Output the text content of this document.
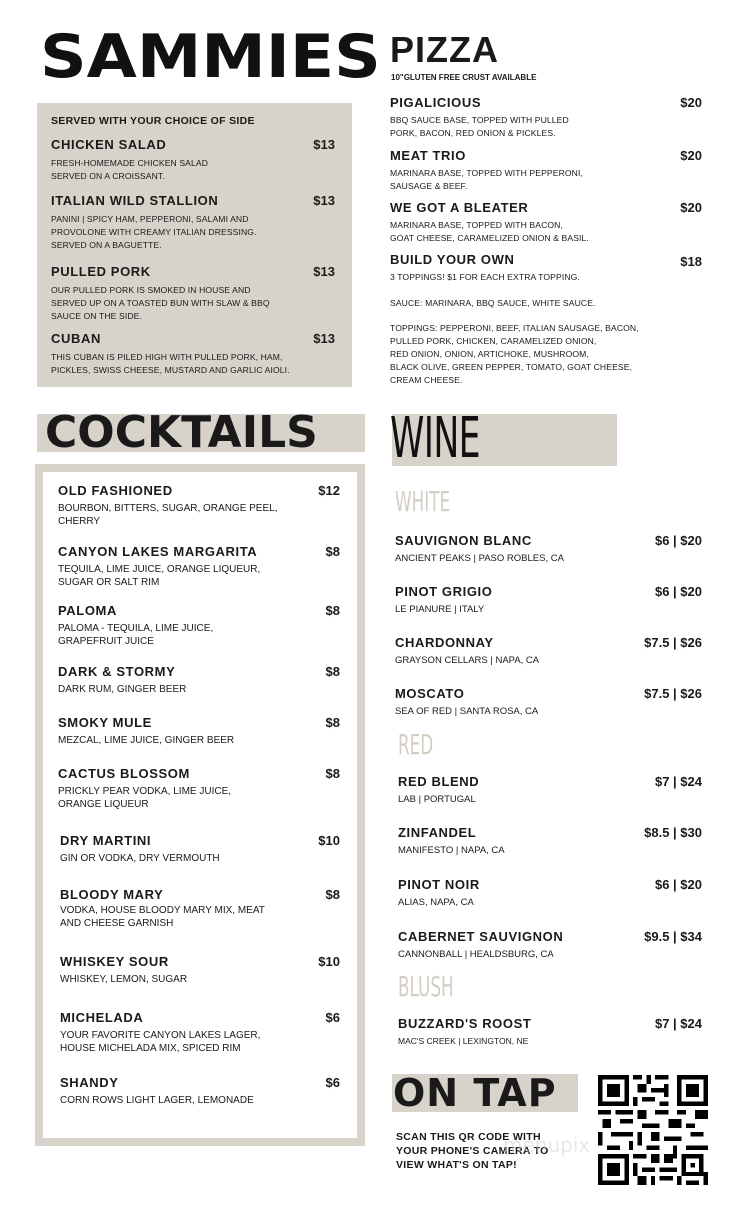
SAMMIES
SERVED WITH YOUR CHOICE OF SIDE
CHICKEN SALAD	$13
FRESH-HOMEMADE CHICKEN SALAD
SERVED ON A CROISSANT.
ITALIAN WILD STALLION	$13
PANINI | SPICY HAM, PEPPERONI, SALAMI AND
PROVOLONE WITH CREAMY ITALIAN DRESSING.
SERVED ON A BAGUETTE.
PULLED PORK	$13
OUR PULLED PORK IS SMOKED IN HOUSE AND
SERVED UP ON A TOASTED BUN WITH SLAW & BBQ
SAUCE ON THE SIDE.
CUBAN	$13
THIS CUBAN IS PILED HIGH WITH PULLED PORK, HAM,
PICKLES, SWISS CHEESE, MUSTARD AND GARLIC AIOLI.
PIZZA
10"GLUTEN FREE CRUST AVAILABLE
PIGALICIOUS	$20
BBQ SAUCE BASE, TOPPED WITH PULLED
PORK, BACON, RED ONION & PICKLES.
MEAT TRIO	$20
MARINARA BASE, TOPPED WITH PEPPERONI,
SAUSAGE & BEEF.
WE GOT A BLEATER	$20
MARINARA BASE, TOPPED WITH BACON,
GOAT CHEESE, CARAMELIZED ONION & BASIL.
BUILD YOUR OWN	$18
3 TOPPINGS! $1 FOR EACH EXTRA TOPPING.
SAUCE: MARINARA, BBQ SAUCE, WHITE SAUCE.
TOPPINGS: PEPPERONI, BEEF, ITALIAN SAUSAGE, BACON,
PULLED PORK, CHICKEN, CARAMELIZED ONION,
RED ONION, ONION, ARTICHOKE, MUSHROOM,
BLACK OLIVE, GREEN PEPPER, TOMATO, GOAT CHEESE,
CREAM CHEESE.
COCKTAILS
OLD FASHIONED	$12
BOURBON, BITTERS, SUGAR, ORANGE PEEL,
CHERRY
CANYON LAKES MARGARITA	$8
TEQUILA, LIME JUICE, ORANGE LIQUEUR,
SUGAR OR SALT RIM
PALOMA	$8
PALOMA - TEQUILA, LIME JUICE,
GRAPEFRUIT JUICE
DARK & STORMY	$8
DARK RUM, GINGER BEER
SMOKY MULE	$8
MEZCAL, LIME JUICE, GINGER BEER
CACTUS BLOSSOM	$8
PRICKLY PEAR VODKA, LIME JUICE,
ORANGE LIQUEUR
DRY MARTINI	$10
GIN OR VODKA, DRY VERMOUTH
BLOODY MARY	$8
VODKA, HOUSE BLOODY MARY MIX, MEAT
AND CHEESE GARNISH
WHISKEY SOUR	$10
WHISKEY, LEMON, SUGAR
MICHELADA	$6
YOUR FAVORITE CANYON LAKES LAGER,
HOUSE MICHELADA MIX, SPICED RIM
SHANDY	$6
CORN ROWS LIGHT LAGER, LEMONADE
WINE
WHITE
SAUVIGNON BLANC	$6 | $20
ANCIENT PEAKS | PASO ROBLES, CA
PINOT GRIGIO	$6 | $20
LE PIANURE | ITALY
CHARDONNAY	$7.5 | $26
GRAYSON CELLARS | NAPA, CA
MOSCATO	$7.5 | $26
SEA OF RED | SANTA ROSA, CA
RED
RED BLEND	$7 | $24
LAB | PORTUGAL
ZINFANDEL	$8.5 | $30
MANIFESTO | NAPA, CA
PINOT NOIR	$6 | $20
ALIAS, NAPA, CA
CABERNET SAUVIGNON	$9.5 | $34
CANNONBALL | HEALDSBURG, CA
BLUSH
BUZZARD'S ROOST	$7 | $24
MAC'S CREEK | LEXINGTON, NE
ON TAP
SCAN THIS QR CODE WITH
YOUR PHONE'S CAMERA TO
VIEW WHAT'S ON TAP!
menupix
